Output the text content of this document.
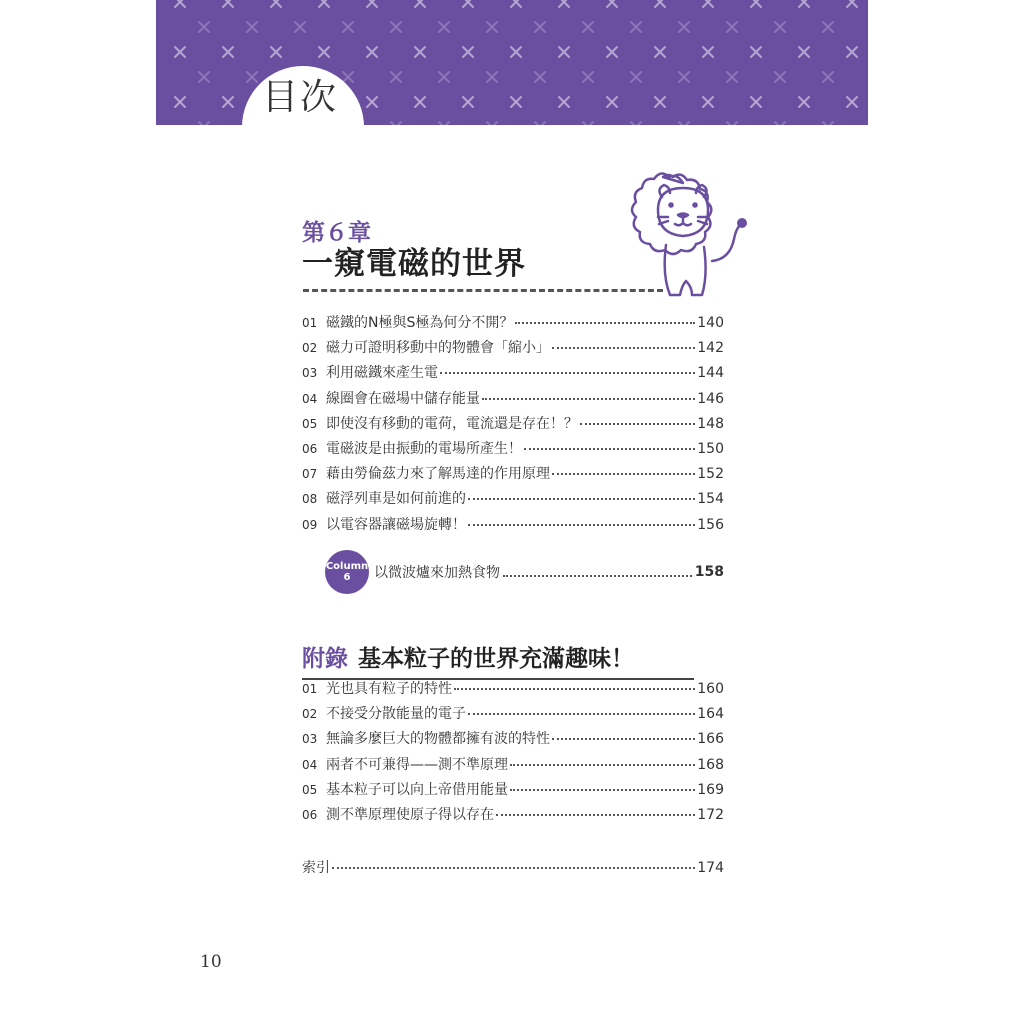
目次
第６章
一窺電磁的世界
01 磁鐵的N極與S極為何分不開？	140
02 磁力可證明移動中的物體會「縮小」	142
03 利用磁鐵來產生電	144
04 線圈會在磁場中儲存能量	146
05 即使沒有移動的電荷，電流還是存在！？	148
06 電磁波是由振動的電場所產生！	150
07 藉由勞倫茲力來了解馬達的作用原理	152
08 磁浮列車是如何前進的	154
09 以電容器讓磁場旋轉！	156
Column
6 以微波爐來加熱食物	158
附錄 基本粒子的世界充滿趣味！
01 光也具有粒子的特性	160
02 不接受分散能量的電子	164
03 無論多麼巨大的物體都擁有波的特性	166
04 兩者不可兼得——測不準原理	168
05 基本粒子可以向上帝借用能量	169
06 測不準原理使原子得以存在	172
索引	174
10
